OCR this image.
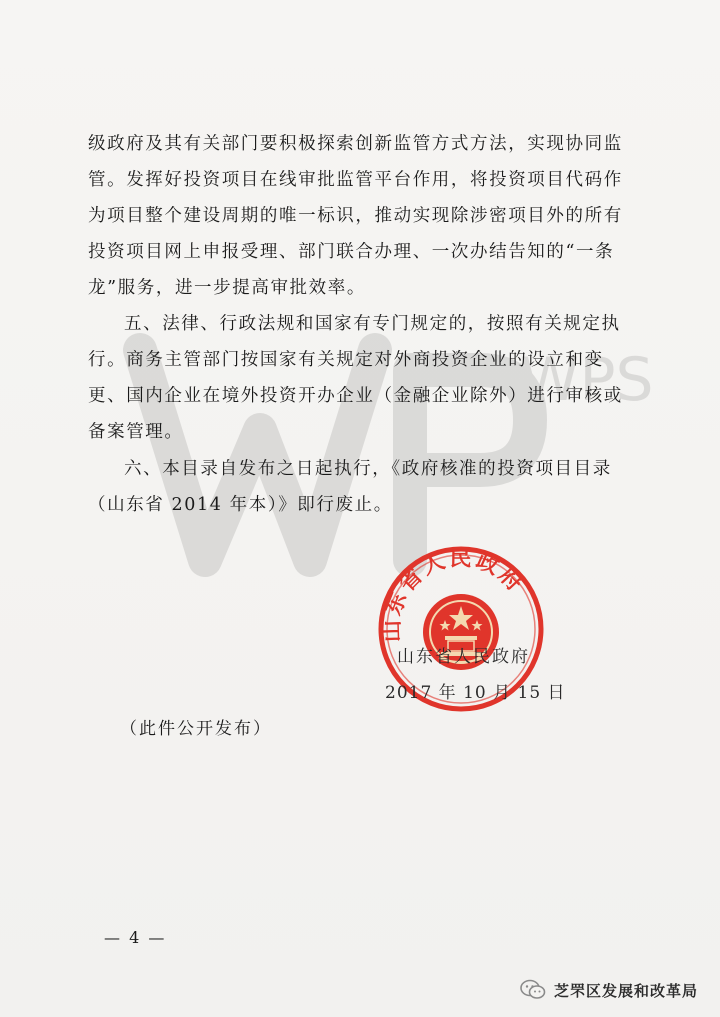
WPS
级政府及其有关部门要积极探索创新监管方式方法，实现协同监
管。发挥好投资项目在线审批监管平台作用，将投资项目代码作
为项目整个建设周期的唯一标识，推动实现除涉密项目外的所有
投资项目网上申报受理、部门联合办理、一次办结告知的“一条
龙”服务，进一步提高审批效率。
五、法律、行政法规和国家有专门规定的，按照有关规定执
行。商务主管部门按国家有关规定对外商投资企业的设立和变
更、国内企业在境外投资开办企业（金融企业除外）进行审核或
备案管理。
六、本目录自发布之日起执行，《政府核准的投资项目目录
（山东省 2014 年本）》即行废止。
山东省人民政府
山东省人民政府
2017 年 10 月 15 日
（此件公开发布）
— 4 —
芝罘区发展和改革局
